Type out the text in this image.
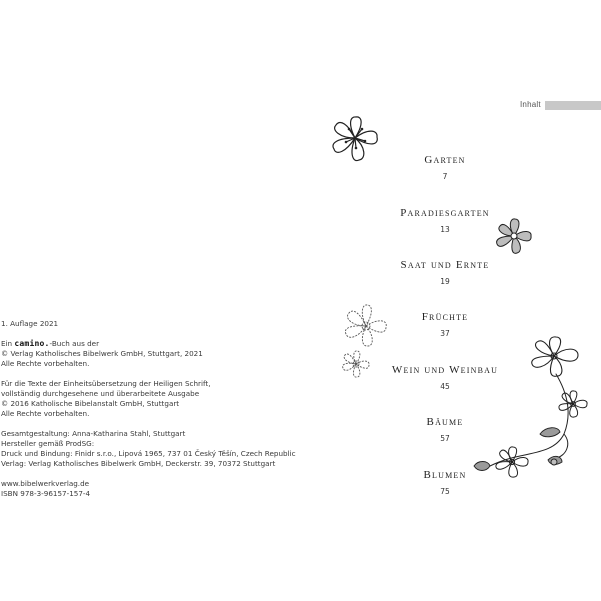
1. Auflage 2021
Ein camino.-Buch aus der
© Verlag Katholisches Bibelwerk GmbH, Stuttgart, 2021
Alle Rechte vorbehalten.
Für die Texte der Einheitsübersetzung der Heiligen Schrift,
vollständig durchgesehene und überarbeitete Ausgabe
© 2016 Katholische Bibelanstalt GmbH, Stuttgart
Alle Rechte vorbehalten.
Gesamtgestaltung: Anna-Katharina Stahl, Stuttgart
Hersteller gemäß ProdSG:
Druck und Bindung: Finidr s.r.o., Lipová 1965, 737 01 Český Těšín, Czech Republic
Verlag: Verlag Katholisches Bibelwerk GmbH, Deckerstr. 39, 70372 Stuttgart
www.bibelwerkverlag.de
ISBN 978-3-96157-157-4
Inhalt
Garten
7
Paradiesgarten
13
Saat und Ernte
19
Früchte
37
Wein und Weinbau
45
Bäume
57
Blumen
75
